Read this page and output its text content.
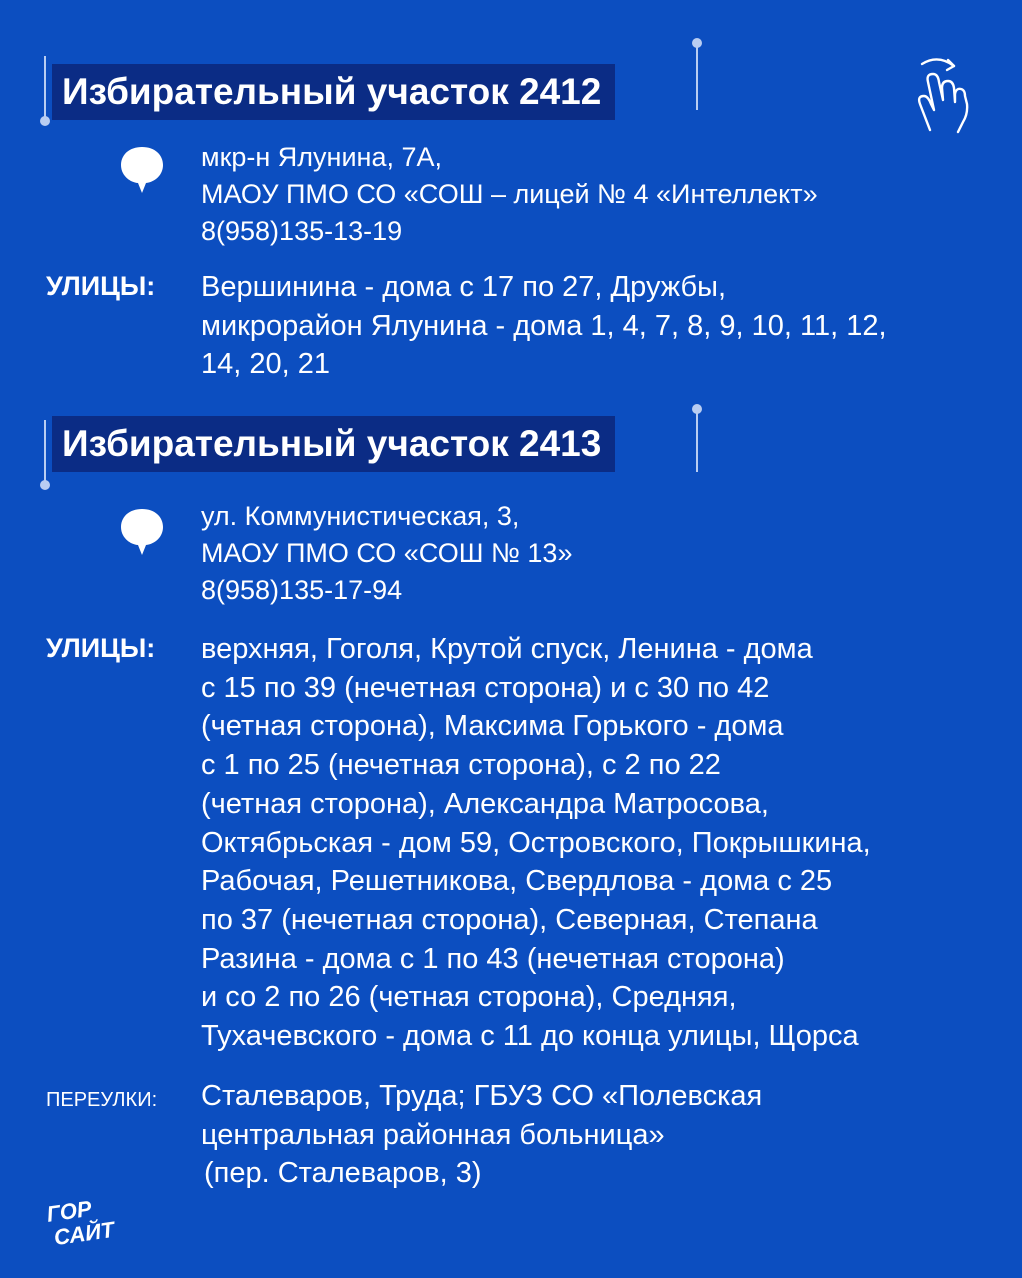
Избирательный участок 2412
мкр-н Ялунина, 7А,
МАОУ ПМО СО «СОШ – лицей № 4 «Интеллект»
8(958)135-13-19
УЛИЦЫ: Вершинина - дома с 17 по 27, Дружбы,
микрорайон Ялунина - дома 1, 4, 7, 8, 9, 10, 11, 12,
14, 20, 21
Избирательный участок 2413
ул. Коммунистическая, 3,
МАОУ ПМО СО «СОШ № 13»
8(958)135-17-94
УЛИЦЫ: верхняя, Гоголя, Крутой спуск, Ленина - дома
с 15 по 39 (нечетная сторона) и с 30 по 42
(четная сторона), Максима Горького - дома
с 1 по 25 (нечетная сторона), с 2 по 22
(четная сторона), Александра Матросова,
Октябрьская - дом 59, Островского, Покрышкина,
Рабочая, Решетникова, Свердлова - дома с 25
по 37 (нечетная сторона), Северная, Степана
Разина - дома с 1 по 43 (нечетная сторона)
и со 2 по 26 (четная сторона), Средняя,
Тухачевского - дома с 11 до конца улицы, Щорса
ПЕРЕУЛКИ: Сталеваров, Труда; ГБУЗ СО «Полевская
центральная районная больница»
(пер. Сталеваров, 3)
ГОР
САЙТ
